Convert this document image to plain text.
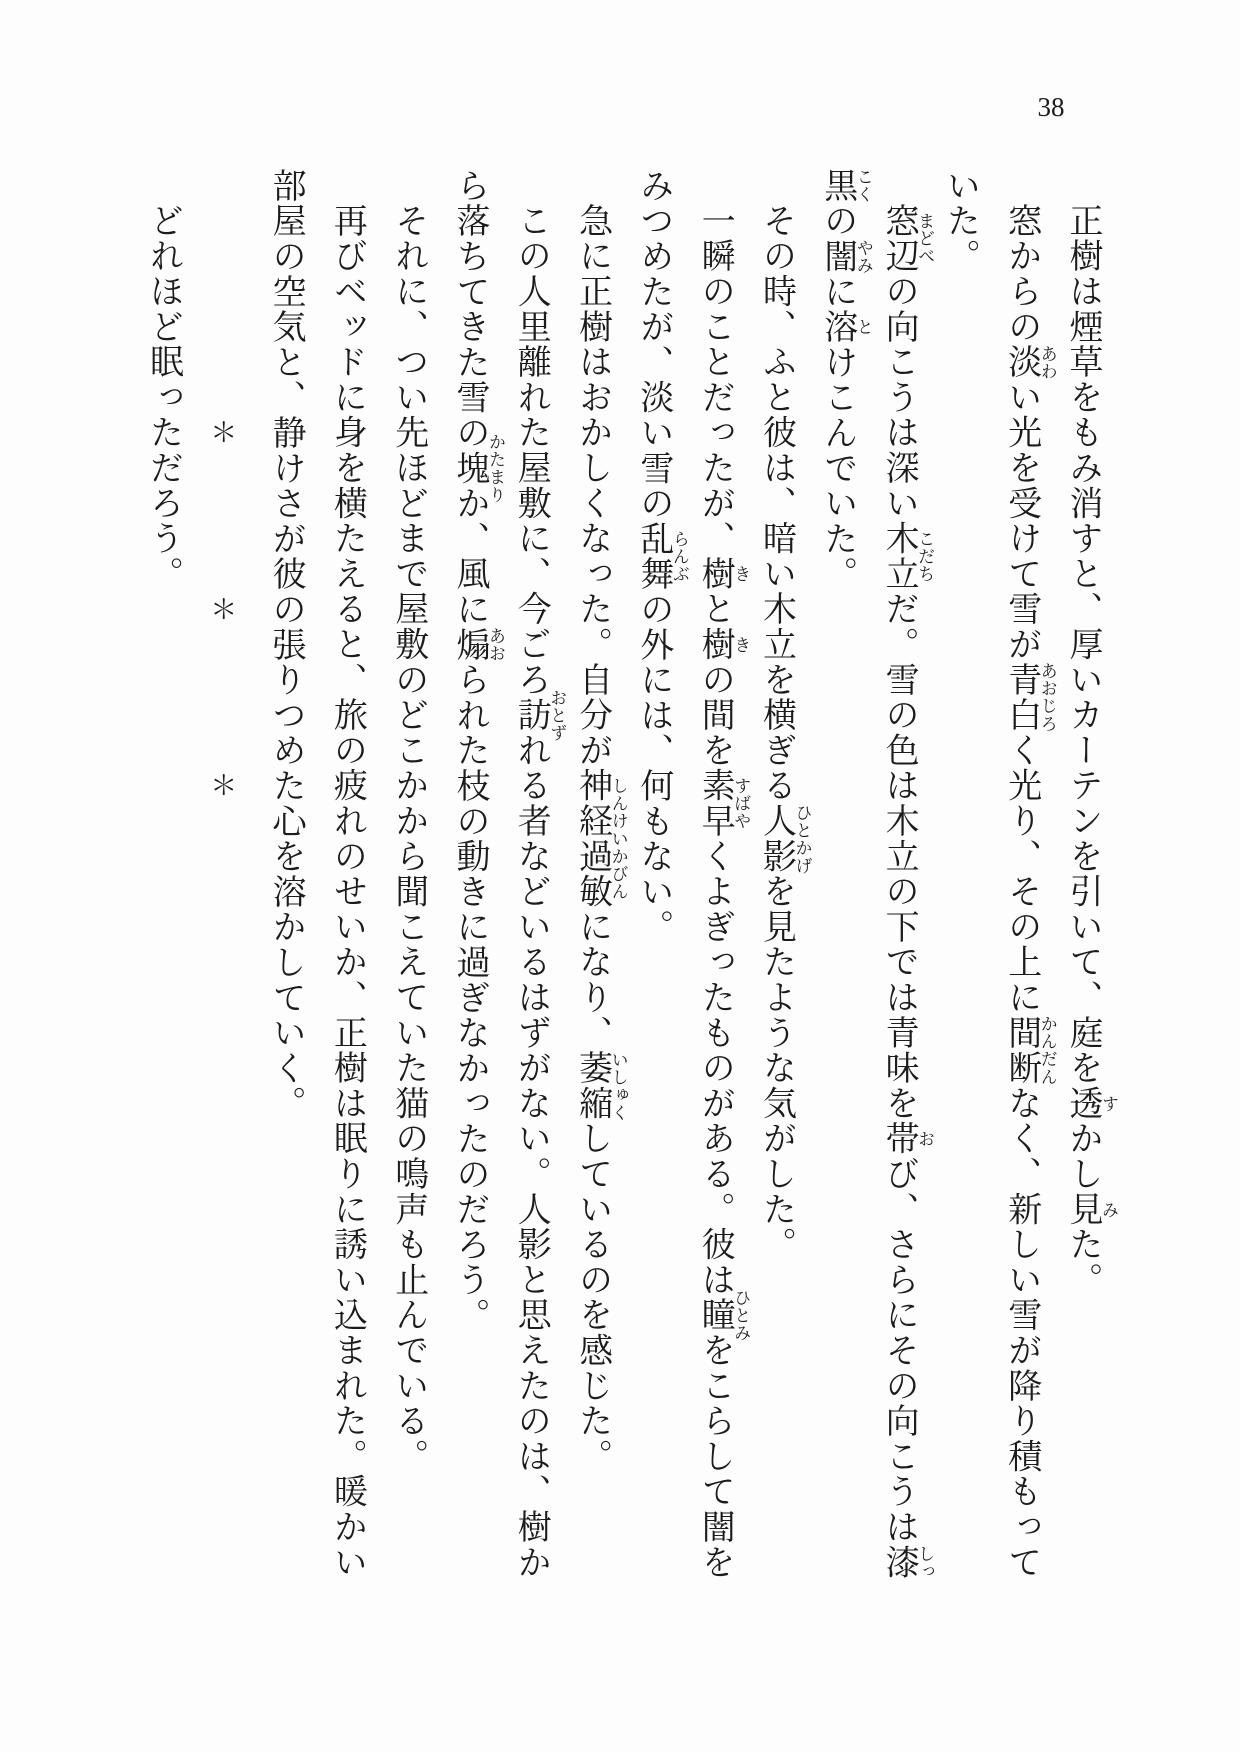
38
す
み
正樹は煙草をもみ消すと、厚いカーテンを引いて、庭を透かし見た。
あわ
あおじろ
かんだん
窓からの淡い光を受けて雪が青白く光り、その上に間断なく、新しい雪が降り積もって
いた。
まどべ
こだち
お
しっ
窓辺の向こうは深い木立だ。雪の色は木立の下では青味を帯び、さらにその向こうは漆
こく
やみ
と
黒の闇に溶けこんでいた。
ひとかげ
その時、ふと彼は、暗い木立を横ぎる人影を見たような気がした。
き
き
すばや
ひとみ
一瞬のことだったが、樹と樹の間を素早くよぎったものがある。彼は瞳をこらして闇を
らんぶ
みつめたが、淡い雪の乱舞の外には、何もない。
しんけいかびん
いしゅく
急に正樹はおかしくなった。自分が神経過敏になり、萎縮しているのを感じた。
おとず
この人里離れた屋敷に、今ごろ訪れる者などいるはずがない。人影と思えたのは、樹か
かたまり
あお
ら落ちてきた雪の塊か、風に煽られた枝の動きに過ぎなかったのだろう。
それに、つい先ほどまで屋敷のどこかから聞こえていた猫の鳴声も止んでいる。
再びベッドに身を横たえると、旅の疲れのせいか、正樹は眠りに誘い込まれた。暖かい
部屋の空気と、静けさが彼の張りつめた心を溶かしていく。
＊
＊
＊
どれほど眠っただろう。
